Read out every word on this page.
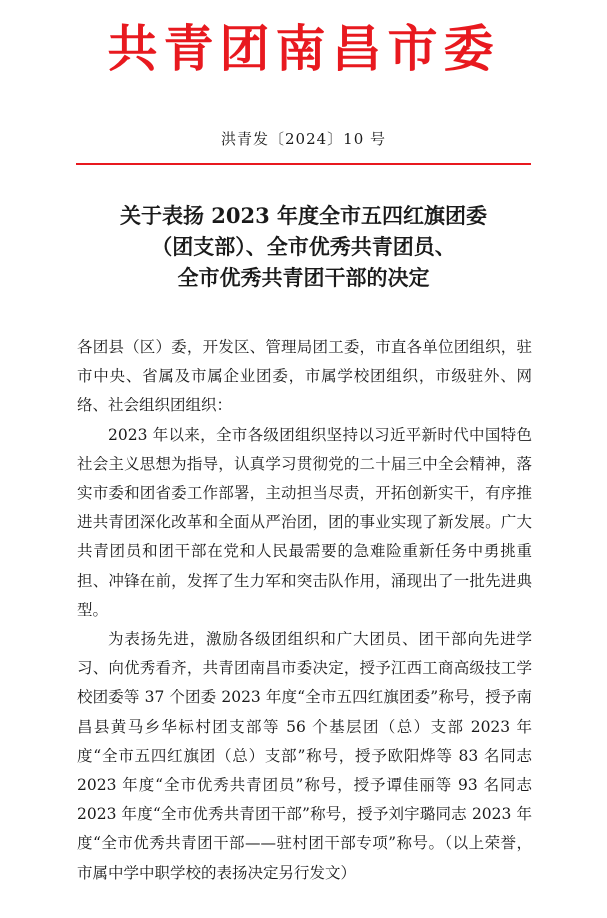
共青团南昌市委
洪青发〔2024〕10 号
关于表扬 2023 年度全市五四红旗团委
（团支部）、全市优秀共青团员、
全市优秀共青团干部的决定

各团县（区）委，开发区、管理局团工委，市直各单位团组织，驻市中央、省属及市属企业团委，市属学校团组织，市级驻外、网络、社会组织团组织：

2023 年以来，全市各级团组织坚持以习近平新时代中国特色社会主义思想为指导，认真学习贯彻党的二十届三中全会精神，落实市委和团省委工作部署，主动担当尽责，开拓创新实干，有序推进共青团深化改革和全面从严治团，团的事业实现了新发展。广大共青团员和团干部在党和人民最需要的急难险重新任务中勇挑重担、冲锋在前，发挥了生力军和突击队作用，涌现出了一批先进典型。

为表扬先进，激励各级团组织和广大团员、团干部向先进学习、向优秀看齐，共青团南昌市委决定，授予江西工商高级技工学校团委等 37 个团委 2023 年度“全市五四红旗团委”称号，授予南昌县黄马乡华标村团支部等 56 个基层团（总）支部 2023 年度“全市五四红旗团（总）支部”称号，授予欧阳烨等 83 名同志 2023 年度“全市优秀共青团员”称号，授予谭佳丽等 93 名同志 2023 年度“全市优秀共青团干部”称号，授予刘宇璐同志 2023 年度“全市优秀共青团干部——驻村团干部专项”称号。（以上荣誉，市属中学中职学校的表扬决定另行发文）
